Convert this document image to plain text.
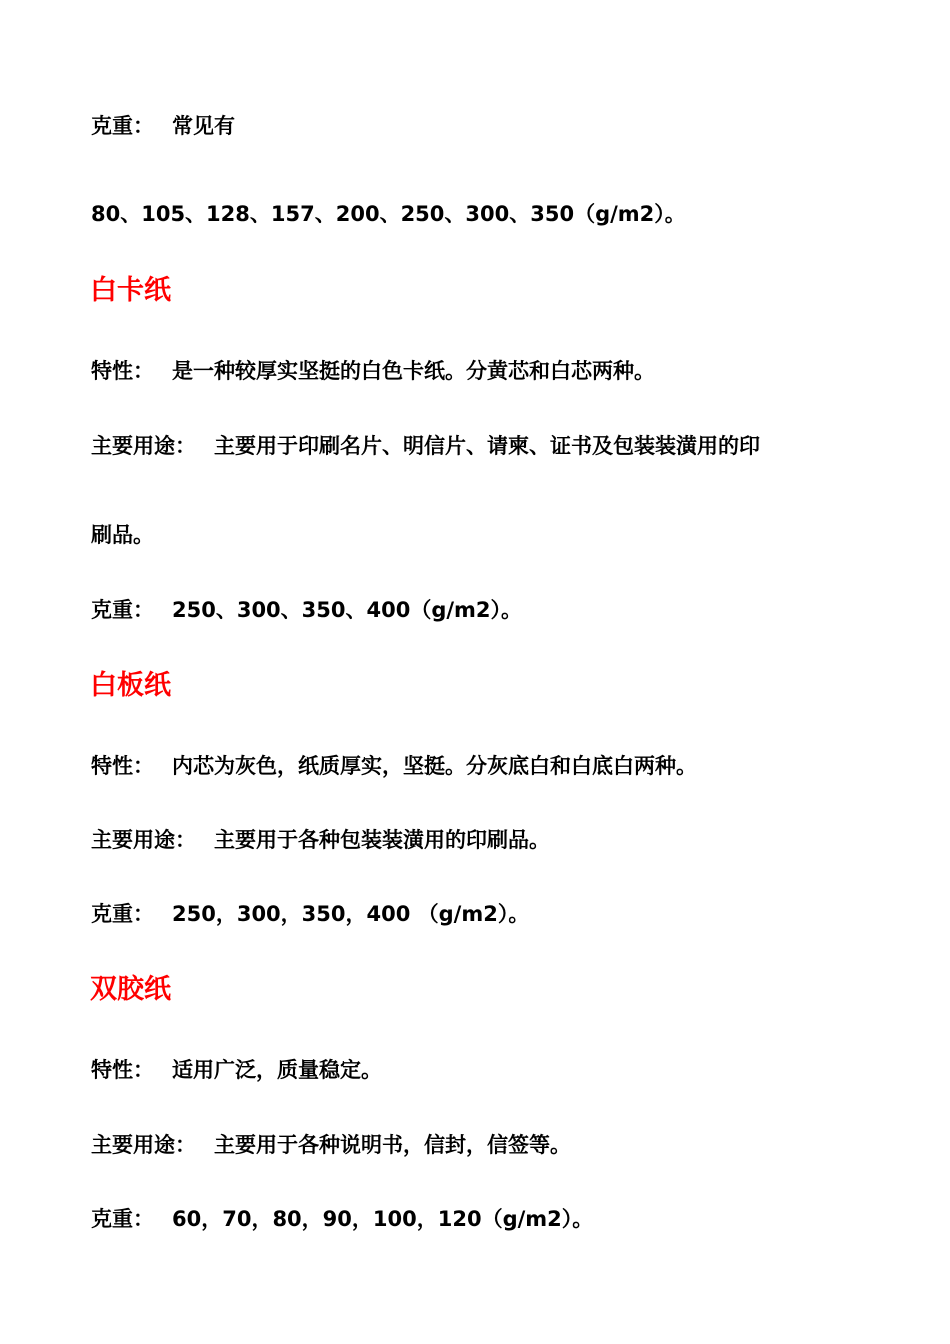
克重： 常见有
80、105、128、157、200、250、300、350（g/m2）。
白卡纸
特性： 是一种较厚实坚挺的白色卡纸。分黄芯和白芯两种。
主要用途： 主要用于印刷名片、明信片、请柬、证书及包装装潢用的印
刷品。
克重： 250、300、350、400（g/m2）。
白板纸
特性： 内芯为灰色，纸质厚实，坚挺。分灰底白和白底白两种。
主要用途： 主要用于各种包装装潢用的印刷品。
克重： 250，300，350，400 （g/m2）。
双胶纸
特性： 适用广泛，质量稳定。
主要用途： 主要用于各种说明书，信封，信签等。
克重： 60，70，80，90，100，120（g/m2）。
